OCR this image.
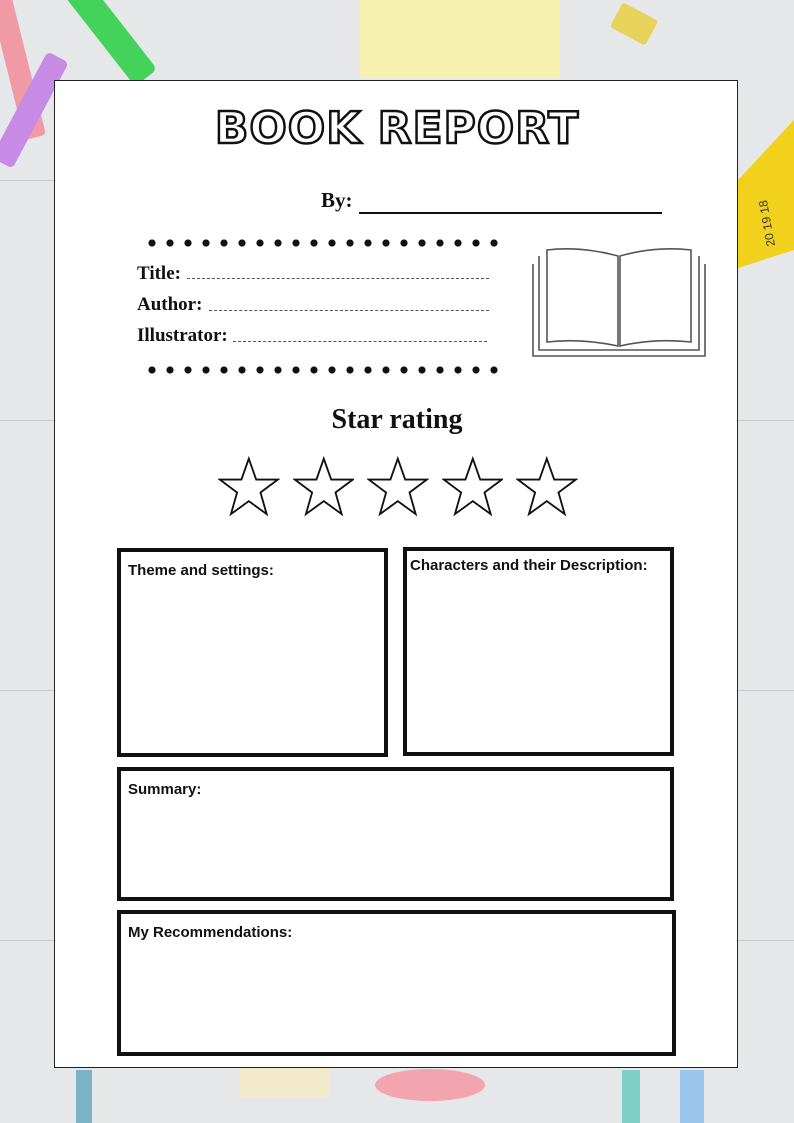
20 19 18
BOOK REPORT
By:
Title:
Author:
Illustrator:
Star rating
Theme and settings:	Characters and their Description:
Summary:
My Recommendations:
